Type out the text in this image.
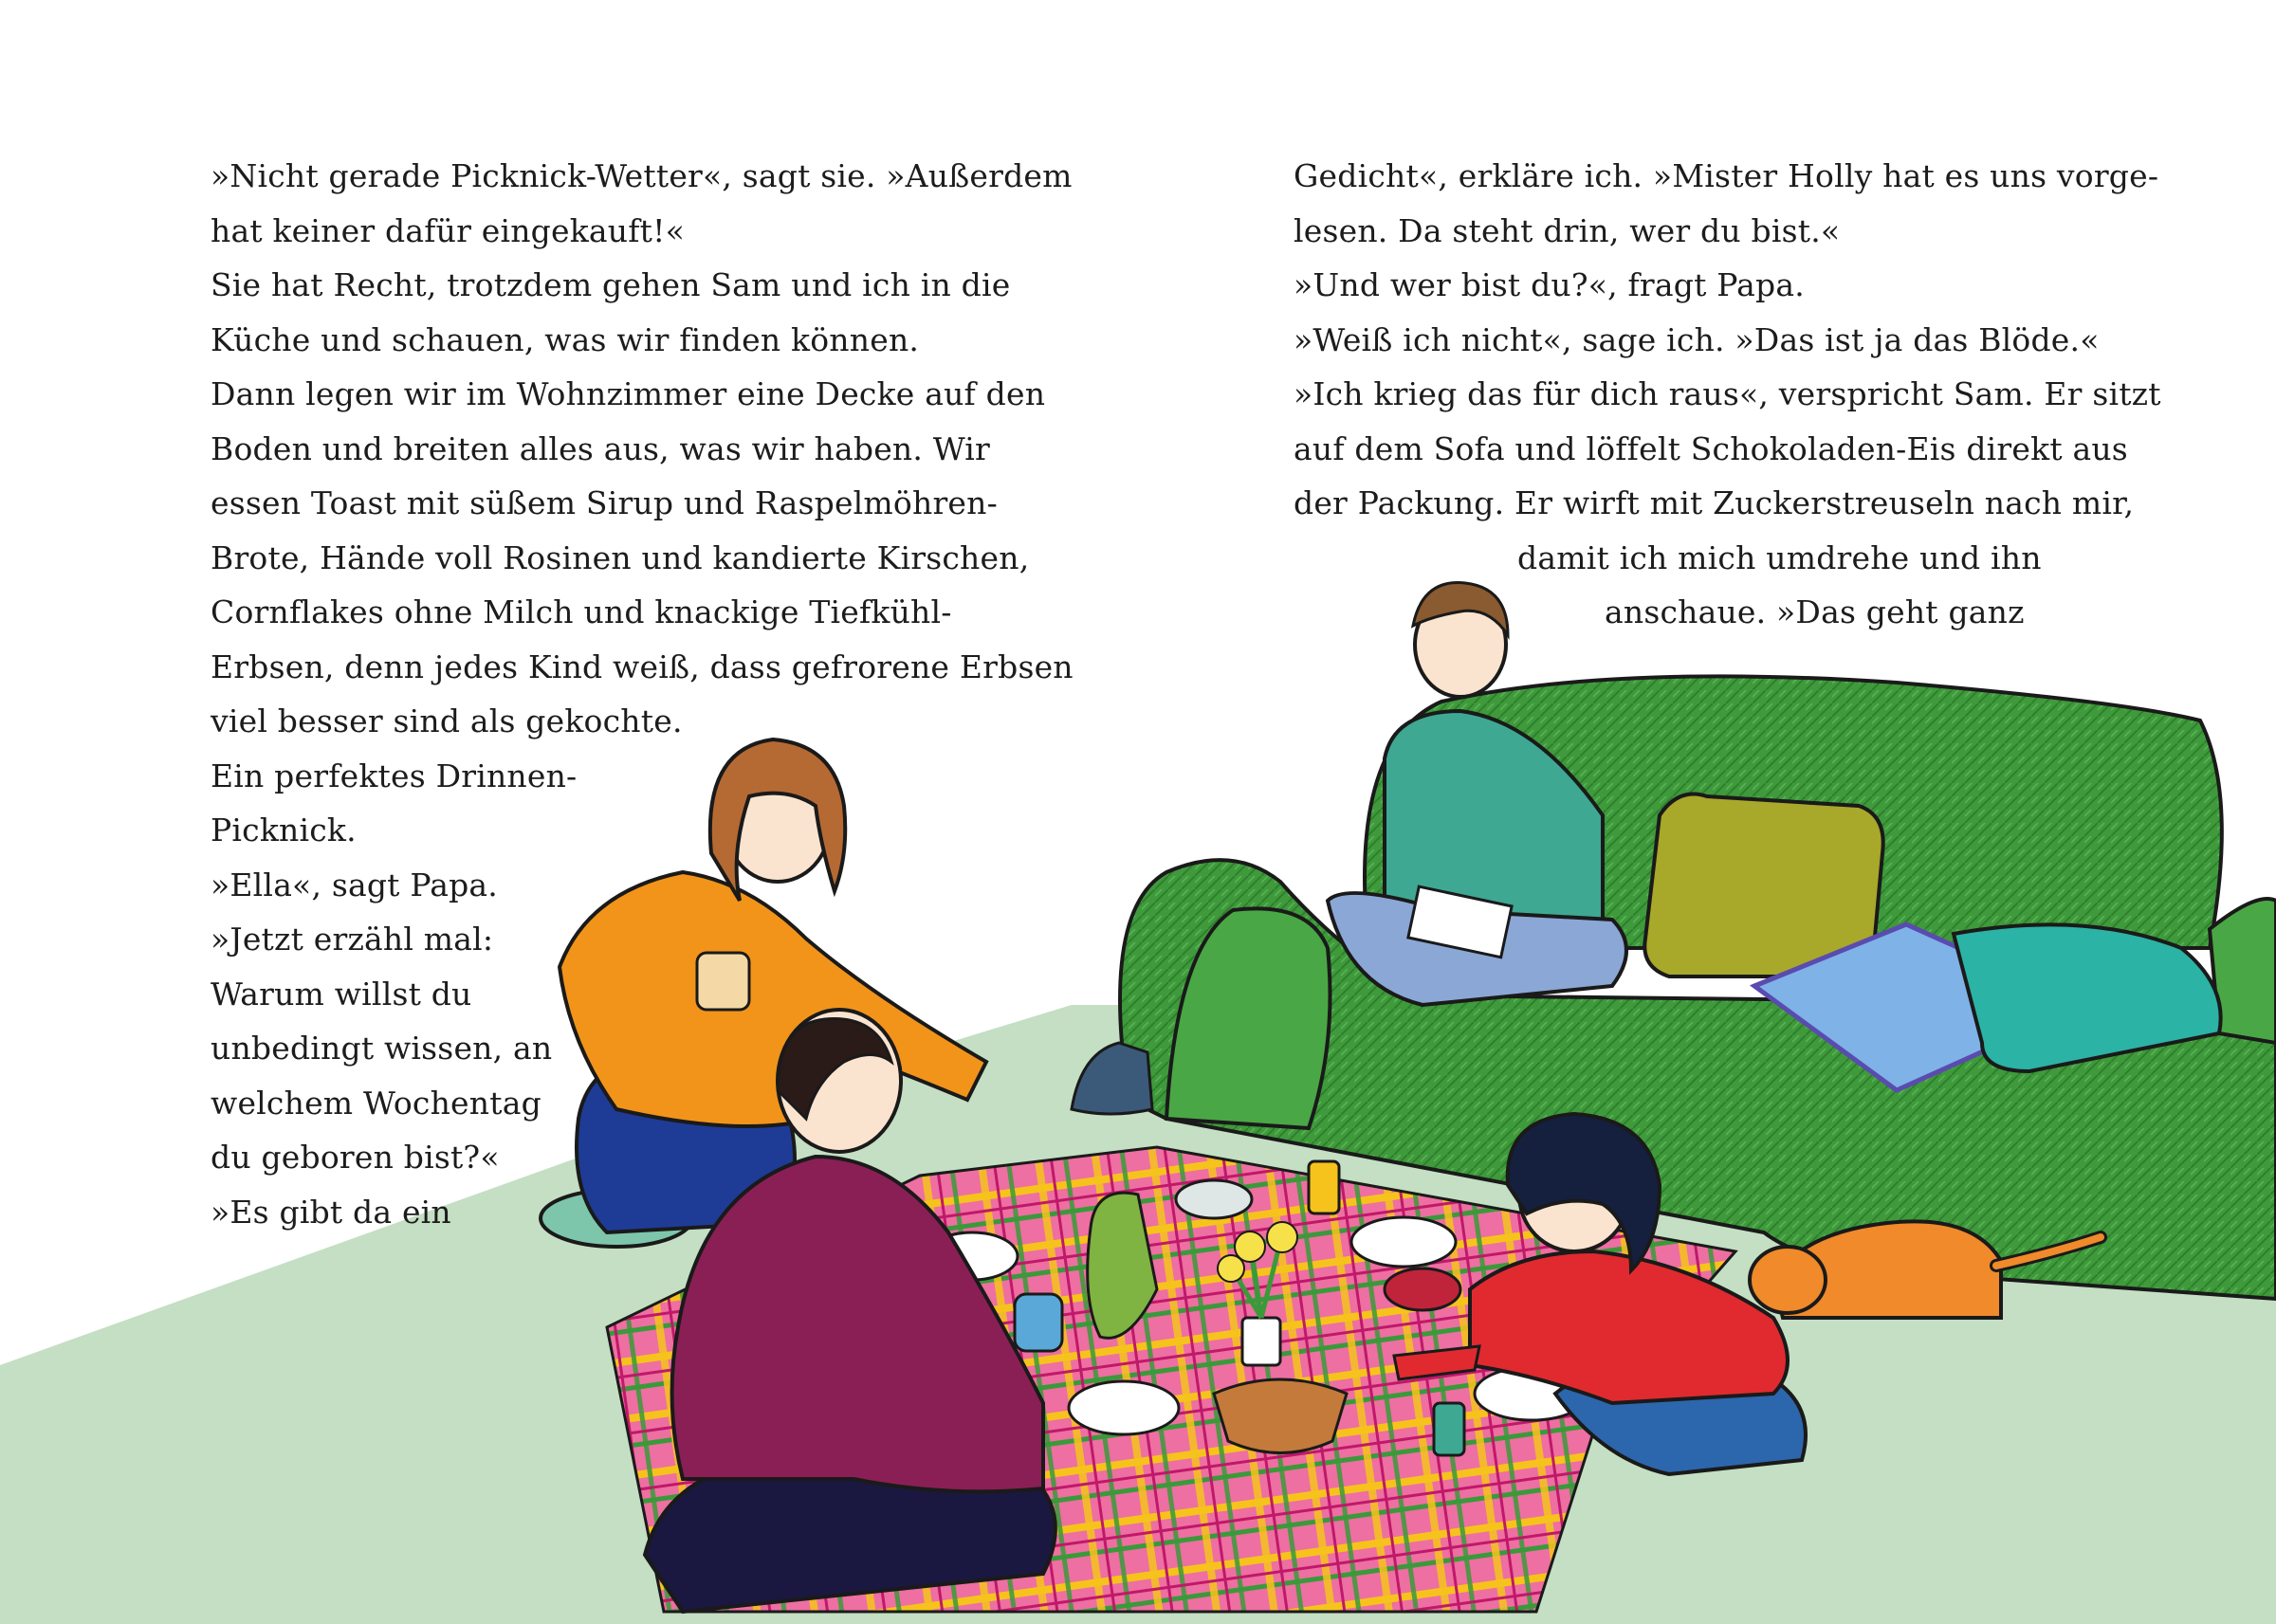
»Nicht gerade Picknick-Wetter«, sagt sie. »Außerdem
hat keiner dafür eingekauft!«
Sie hat Recht, trotzdem gehen Sam und ich in die
Küche und schauen, was wir finden können.
Dann legen wir im Wohnzimmer eine Decke auf den
Boden und breiten alles aus, was wir haben. Wir
essen Toast mit süßem Sirup und Raspelmöhren-
Brote, Hände voll Rosinen und kandierte Kirschen,
Cornflakes ohne Milch und knackige Tiefkühl-
Erbsen, denn jedes Kind weiß, dass gefrorene Erbsen
viel besser sind als gekochte.
Ein perfektes Drinnen-
Picknick.
»Ella«, sagt Papa.
»Jetzt erzähl mal:
Warum willst du
unbedingt wissen, an
welchem Wochentag
du geboren bist?«
»Es gibt da ein
Gedicht«, erkläre ich. »Mister Holly hat es uns vorge-
lesen. Da steht drin, wer du bist.«
»Und wer bist du?«, fragt Papa.
»Weiß ich nicht«, sage ich. »Das ist ja das Blöde.«
»Ich krieg das für dich raus«, verspricht Sam. Er sitzt
auf dem Sofa und löffelt Schokoladen-Eis direkt aus
der Packung. Er wirft mit Zuckerstreuseln nach mir,
damit ich mich umdrehe und ihn
anschaue. »Das geht ganz
